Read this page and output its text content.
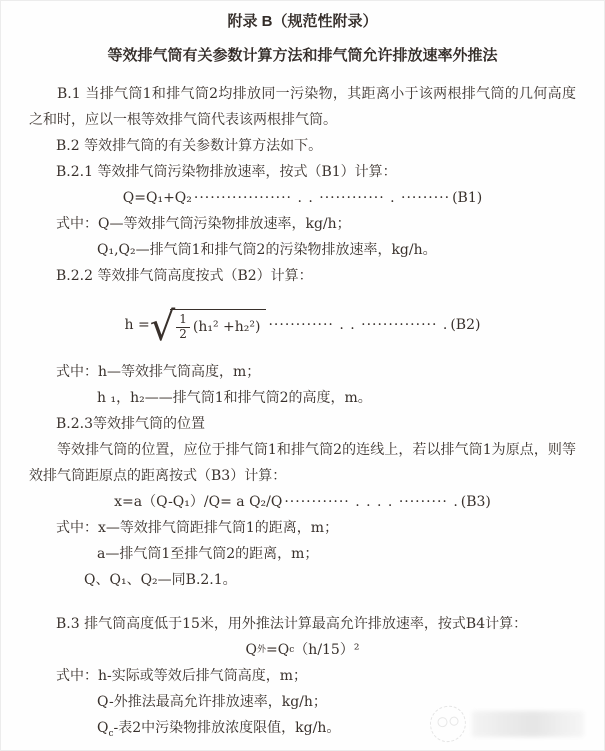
附录 B（规范性附录）
等效排气筒有关参数计算方法和排气筒允许排放速率外推法

B.1 当排气筒1和排气筒2均排放同一污染物，其距离小于该两根排气筒的几何高度之和时，应以一根等效排气筒代表该两根排气筒。

B.2 等效排气筒的有关参数计算方法如下。

B.2.1 等效排气筒污染物排放速率，按式（B1）计算：

Q=Q₁+Q₂ ·················· . . ············ . ········· (B1)

式中：Q—等效排气筒污染物排放速率，kg/h；

Q₁,Q₂—排气筒1和排气筒2的污染物排放速率，kg/h。

B.2.2 等效排气筒高度按式（B2）计算：

h = √ $\frac{1}{2} (h_1^2 +h_2^2)$ ············ . . ·············· . (B2)

式中：h—等效排气筒高度，m；

h ₁，h₂——排气筒1和排气筒2的高度，m。

B.2.3等效排气筒的位置

等效排气筒的位置，应位于排气筒1和排气筒2的连线上，若以排气筒1为原点，则等效排气筒距原点的距离按式（B3）计算：

x=a（Q-Q₁）/Q= a Q₂/Q ············ . . . . ········· . (B3)

式中：x—等效排气筒距排气筒1的距离，m；

a—排气筒1至排气筒2的距离，m；

Q、Q₁、Q₂—同B.2.1。

B.3 排气筒高度低于15米，用外推法计算最高允许排放速率，按式B4计算：

Q 外 =Q c （h/15）²

式中：h-实际或等效后排气筒高度，m；

Q-外推法最高允许排放速率，kg/h；

$Q_c-$表2中污染物排放浓度限值，kg/h。
